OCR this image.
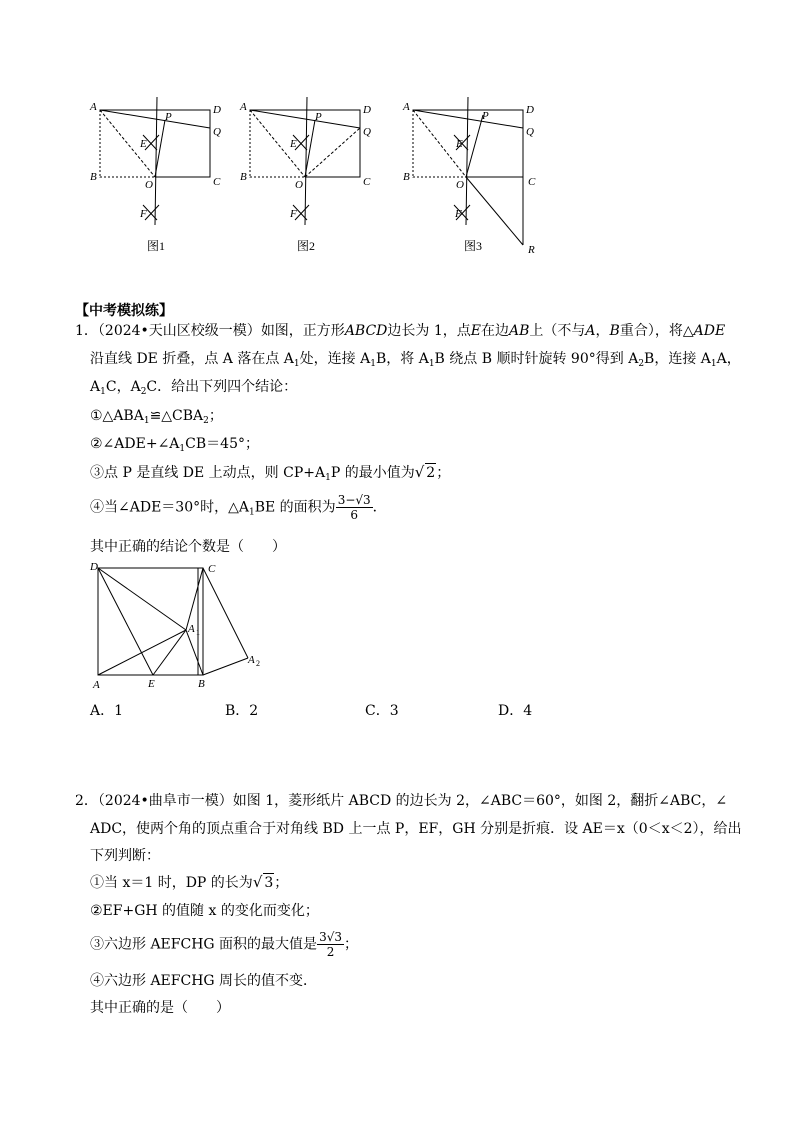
A
B	C
D
P
Q
E
O
F
图1
A
B	C
D
P
Q
E
O
F
图2
A
B	C
D
P
Q
E
O
F
R
图3
【中考模拟练】
1．（2024•天山区校级一模）如图，正方形ABCD边长为 1，点E在边AB上（不与A，B重合），将△ADE
沿直线 DE 折叠，点 A 落在点 $A_1$处，连接 $A_1B$，将 $A_1B$ 绕点 B 顺时针旋转 90°得到 $A_2B$，连接 $A_1A$，
$A_1C$，$A_2C$．给出下列四个结论：
$①\triangle ABA_1≌\triangle CBA_2$；
$②\angle ADE+\angle A_1CB=45^\circ$；
③点 P 是直线 DE 上动点，则 $CP+A_1P$ 的最小值为√ 2；
④当∠ADE＝30°时，$\triangle A_1BE$ 的面积为 $\frac{3-√3}{6}$ ．
其中正确的结论个数是（　　）
D	C
A	E	B
A 1
A 2
A．1	B．2	C．3	D．4
2．（2024•曲阜市一模）如图 1，菱形纸片 ABCD 的边长为 2，∠ABC＝60°，如图 2，翻折∠ABC，∠
ADC，使两个角的顶点重合于对角线 BD 上一点 P，EF，GH 分别是折痕．设 AE＝x（0＜x＜2），给出
下列判断：
①当 x＝1 时，DP 的长为√ 3；
②EF+GH 的值随 x 的变化而变化；
③六边形 AEFCHG 面积的最大值是 $\frac{3√3}{2}$ ；
④六边形 AEFCHG 周长的值不变．
其中正确的是（　　）
